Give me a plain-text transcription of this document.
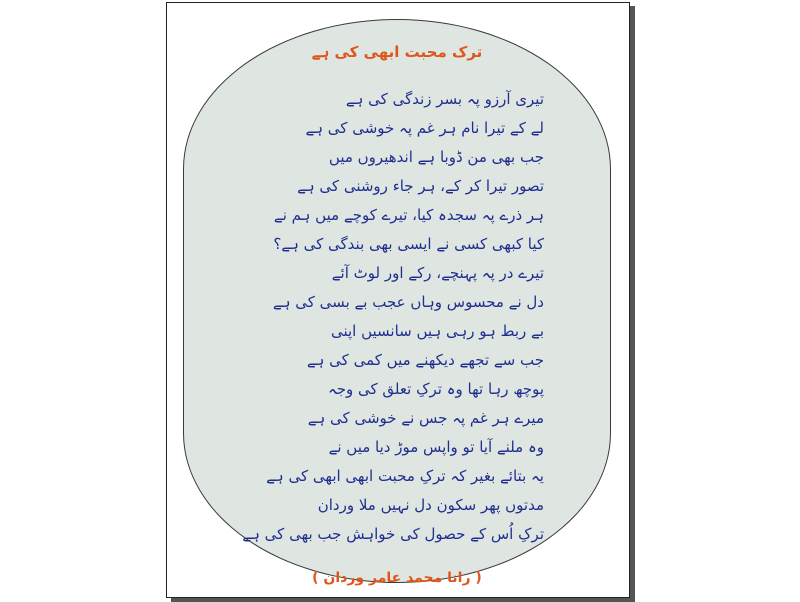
ترک محبت ابھی کی ہے
تیری آرزو پہ بسر زندگی کی ہے
لے کے تیرا نام ہر غم پہ خوشی کی ہے
جب بھی من ڈوبا ہے اندھیروں میں
تصور تیرا کر کے، ہر جاء روشنی کی ہے
ہر ذرے پہ سجدہ کیا، تیرے کوچے میں ہم نے
کیا کبھی کسی نے ایسی بھی بندگی کی ہے؟
تیرے در پہ پہنچے، رکے اور لوٹ آئے
دل نے محسوس وہاں عجب بے بسی کی ہے
بے ربط ہو رہی ہیں سانسیں اپنی
جب سے تجھے دیکھنے میں کمی کی ہے
پوچھ رہا تھا وہ ترکِ تعلق کی وجہ
میرے ہر غم پہ جس نے خوشی کی ہے
وہ ملنے آیا تو واپس موڑ دیا میں نے
یہ بتائے بغیر کہ ترکِ محبت ابھی ابھی کی ہے
مدتوں پھر سکون دل نہیں ملا وردان
ترکِ اُس کے حصول کی خواہش جب بھی کی ہے
( رانا محمد عامر وردان )
